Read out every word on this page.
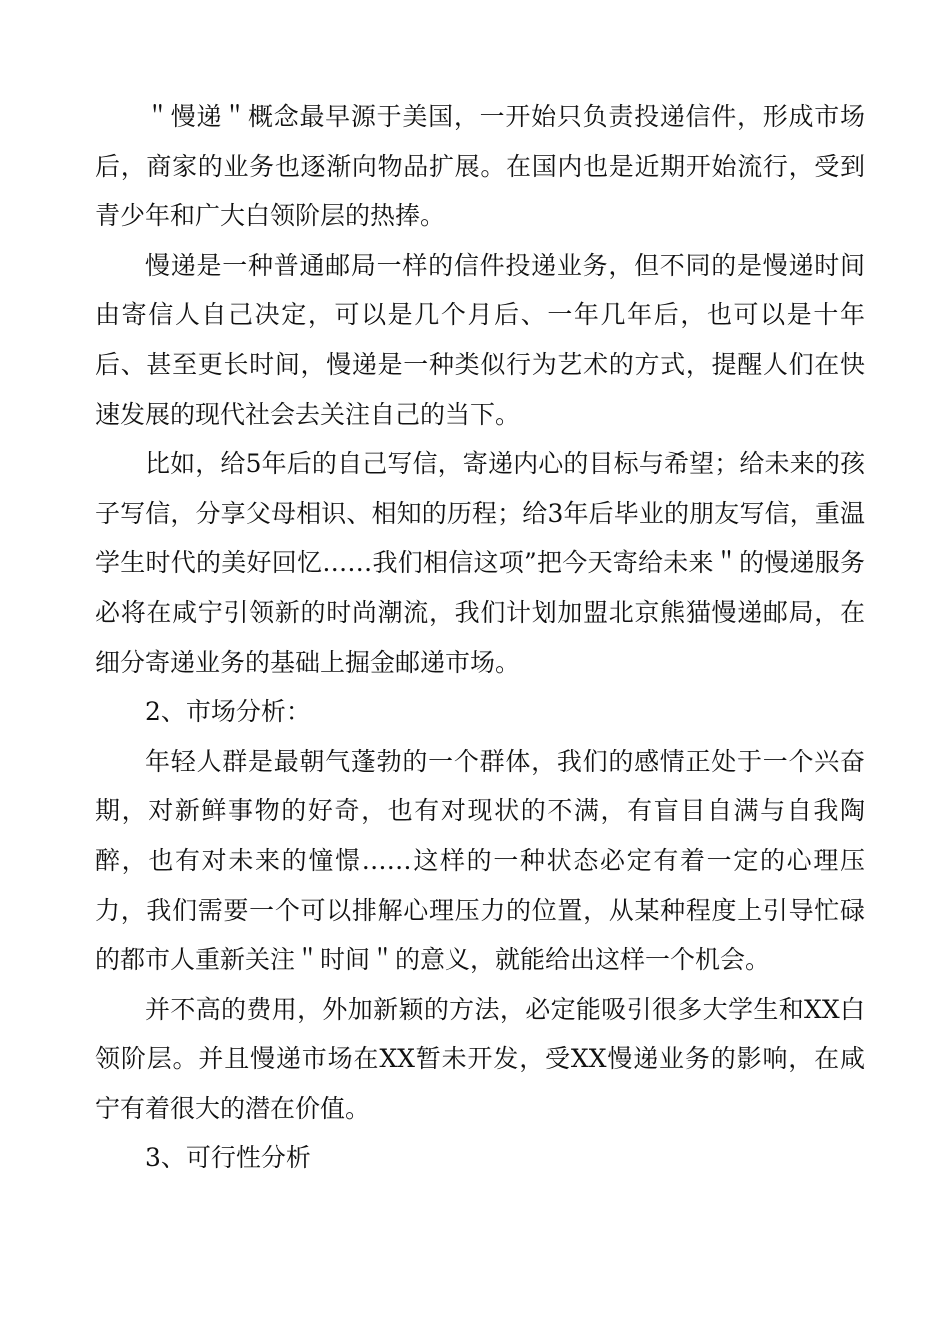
＂慢递＂概念最早源于美国，一开始只负责投递信件，形成市场后，商家的业务也逐渐向物品扩展。在国内也是近期开始流行，受到青少年和广大白领阶层的热捧。

慢递是一种普通邮局一样的信件投递业务，但不同的是慢递时间由寄信人自己决定，可以是几个月后、一年几年后，也可以是十年后、甚至更长时间，慢递是一种类似行为艺术的方式，提醒人们在快速发展的现代社会去关注自己的当下。

比如，给5年后的自己写信，寄递内心的目标与希望；给未来的孩子写信，分享父母相识、相知的历程；给3年后毕业的朋友写信，重温学生时代的美好回忆……我们相信这项”把今天寄给未来＂的慢递服务必将在咸宁引领新的时尚潮流，我们计划加盟北京熊猫慢递邮局，在细分寄递业务的基础上掘金邮递市场。

2、市场分析：

年轻人群是最朝气蓬勃的一个群体，我们的感情正处于一个兴奋期，对新鲜事物的好奇，也有对现状的不满，有盲目自满与自我陶醉，也有对未来的憧憬……这样的一种状态必定有着一定的心理压力，我们需要一个可以排解心理压力的位置，从某种程度上引导忙碌的都市人重新关注＂时间＂的意义，就能给出这样一个机会。

并不高的费用，外加新颖的方法，必定能吸引很多大学生和XX白领阶层。并且慢递市场在XX暂未开发，受XX慢递业务的影响，在咸宁有着很大的潜在价值。

3、可行性分析
